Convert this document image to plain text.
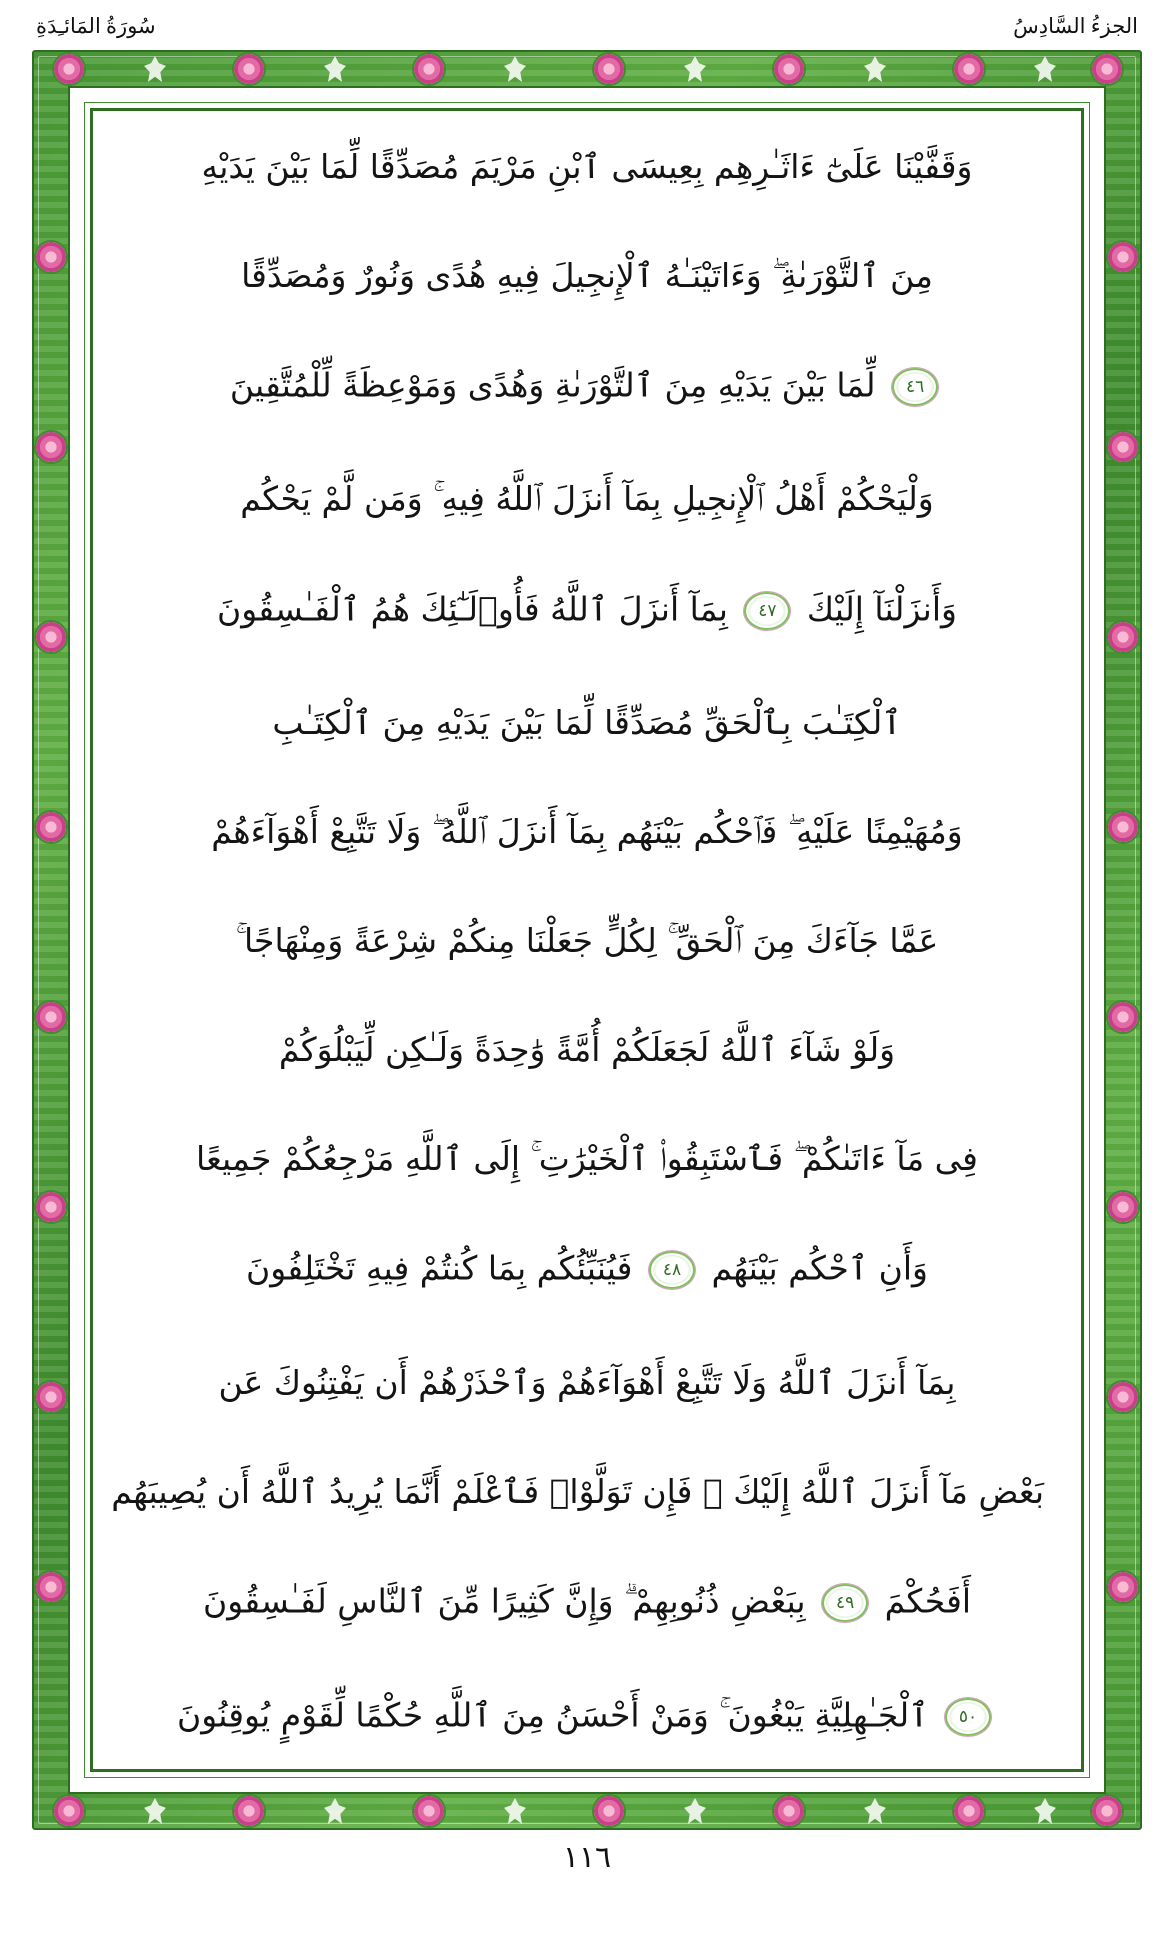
سُورَةُ المَائـِدَةِ	الجزءُ السَّادِسُ
وَقَفَّيْنَا عَلَىٰٓ ءَاثَـٰرِهِم بِعِيسَى ٱبْنِ مَرْيَمَ مُصَدِّقًا لِّمَا بَيْنَ يَدَيْهِ
مِنَ ٱلتَّوْرَىٰةِ ۖ وَءَاتَيْنَـٰهُ ٱلْإِنجِيلَ فِيهِ هُدًى وَنُورٌ وَمُصَدِّقًا
٤٦ لِّمَا بَيْنَ يَدَيْهِ مِنَ ٱلتَّوْرَىٰةِ وَهُدًى وَمَوْعِظَةً لِّلْمُتَّقِينَ
وَلْيَحْكُمْ أَهْلُ ٱلْإِنجِيلِ بِمَآ أَنزَلَ ٱللَّهُ فِيهِ ۚ وَمَن لَّمْ يَحْكُم
وَأَنزَلْنَآ إِلَيْكَ ٤٧ بِمَآ أَنزَلَ ٱللَّهُ فَأُو۟لَـٰٓئِكَ هُمُ ٱلْفَـٰسِقُونَ
ٱلْكِتَـٰبَ بِٱلْحَقِّ مُصَدِّقًا لِّمَا بَيْنَ يَدَيْهِ مِنَ ٱلْكِتَـٰبِ
وَمُهَيْمِنًا عَلَيْهِ ۖ فَٱحْكُم بَيْنَهُم بِمَآ أَنزَلَ ٱللَّهُ ۖ وَلَا تَتَّبِعْ أَهْوَآءَهُمْ
عَمَّا جَآءَكَ مِنَ ٱلْحَقِّ ۚ لِكُلٍّ جَعَلْنَا مِنكُمْ شِرْعَةً وَمِنْهَاجًا ۚ
وَلَوْ شَآءَ ٱللَّهُ لَجَعَلَكُمْ أُمَّةً وَٰحِدَةً وَلَـٰكِن لِّيَبْلُوَكُمْ
فِى مَآ ءَاتَىٰكُمْ ۖ فَٱسْتَبِقُوا۟ ٱلْخَيْرَٰتِ ۚ إِلَى ٱللَّهِ مَرْجِعُكُمْ جَمِيعًا
وَأَنِ ٱحْكُم بَيْنَهُم ٤٨ فَيُنَبِّئُكُم بِمَا كُنتُمْ فِيهِ تَخْتَلِفُونَ
بِمَآ أَنزَلَ ٱللَّهُ وَلَا تَتَّبِعْ أَهْوَآءَهُمْ وَٱحْذَرْهُمْ أَن يَفْتِنُوكَ عَن
بَعْضِ مَآ أَنزَلَ ٱللَّهُ إِلَيْكَ ۖ فَإِن تَوَلَّوْا۟ فَٱعْلَمْ أَنَّمَا يُرِيدُ ٱللَّهُ أَن يُصِيبَهُم
أَفَحُكْمَ ٤٩ بِبَعْضِ ذُنُوبِهِمْ ۗ وَإِنَّ كَثِيرًا مِّنَ ٱلنَّاسِ لَفَـٰسِقُونَ
٥٠ ٱلْجَـٰهِلِيَّةِ يَبْغُونَ ۚ وَمَنْ أَحْسَنُ مِنَ ٱللَّهِ حُكْمًا لِّقَوْمٍ يُوقِنُونَ
١١٦
